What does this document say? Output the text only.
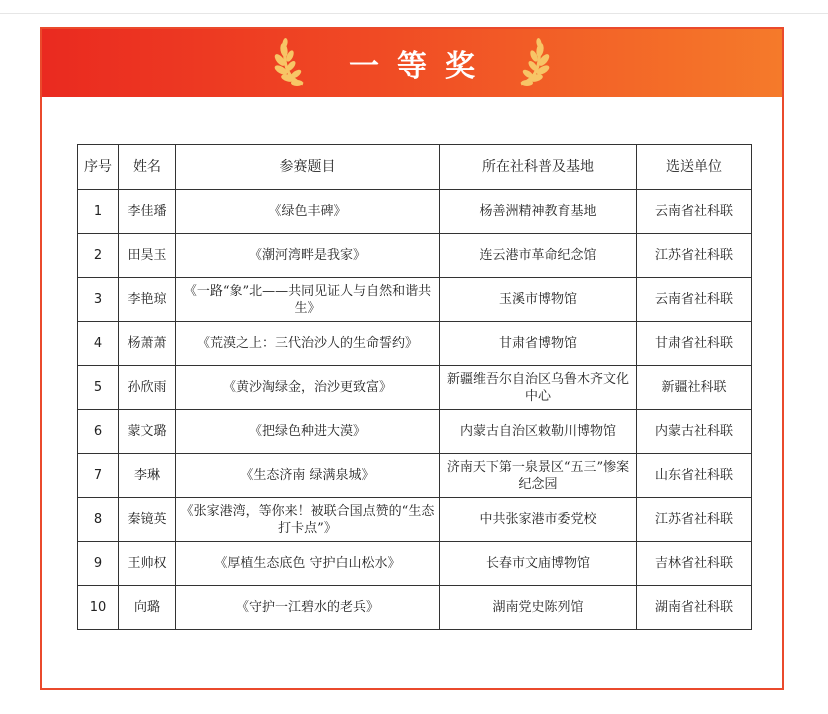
一等奖
序号	姓名	参赛题目	所在社科普及基地	选送单位
1	李佳璠	《绿色丰碑》	杨善洲精神教育基地	云南省社科联
2	田昊玉	《潮河湾畔是我家》	连云港市革命纪念馆	江苏省社科联
3	李艳琼	《一路“象”北——共同见证人与自然和谐共生》	玉溪市博物馆	云南省社科联
4	杨萧萧	《荒漠之上：三代治沙人的生命誓约》	甘肃省博物馆	甘肃省社科联
5	孙欣雨	《黄沙淘绿金，治沙更致富》	新疆维吾尔自治区乌鲁木齐文化中心	新疆社科联
6	蒙文璐	《把绿色种进大漠》	内蒙古自治区敕勒川博物馆	内蒙古社科联
7	李琳	《生态济南 绿满泉城》	济南天下第一泉景区“五三”惨案纪念园	山东省社科联
8	秦镜英	《张家港湾，等你来！被联合国点赞的“生态打卡点”》	中共张家港市委党校	江苏省社科联
9	王帅权	《厚植生态底色 守护白山松水》	长春市文庙博物馆	吉林省社科联
10	向璐	《守护一江碧水的老兵》	湖南党史陈列馆	湖南省社科联
